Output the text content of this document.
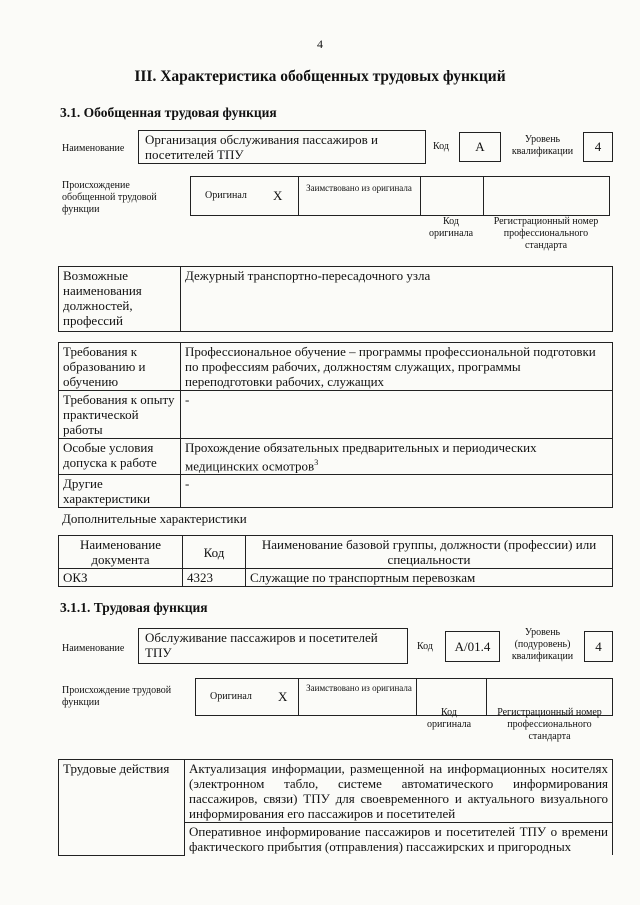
4
III. Характеристика обобщенных трудовых функций
3.1. Обобщенная трудовая функция
Наименование
Организация обслуживания пассажиров и посетителей ТПУ
Код	А	Уровень квалификации	4
Происхождение обобщенной трудовой функции
Оригинал X	Заимствовано из оригинала
Код оригинала
Регистрационный номер профессионального стандарта
Возможные наименования должностей, профессий	Дежурный транспортно-пересадочного узла
Требования к образованию и обучению	Профессиональное обучение – программы профессиональной подготовки по профессиям рабочих, должностям служащих, программы переподготовки рабочих, служащих
Требования к опыту практической работы	-
Особые условия допуска к работе	Прохождение обязательных предварительных и периодических медицинских осмотров$^3$
Другие характеристики	-
Дополнительные характеристики
Наименование документа	Код	Наименование базовой группы, должности (профессии) или специальности
ОКЗ	4323	Служащие по транспортным перевозкам
3.1.1. Трудовая функция
Наименование
Обслуживание пассажиров и посетителей ТПУ	Код	A/01.4
Уровень (подуровень) квалификации
4
Происхождение трудовой функции
Оригинал X
Заимствовано из оригинала
Код оригинала
Регистрационный номер профессионального стандарта
Трудовые действия	Актуализация информации, размещенной на информационных носителях (электронном табло, системе автоматического информирования пассажиров, связи) ТПУ для своевременного и актуального визуального информирования его пассажиров и посетителей
Оперативное информирование пассажиров и посетителей ТПУ о времени фактического прибытия (отправления) пассажирских и пригородных
